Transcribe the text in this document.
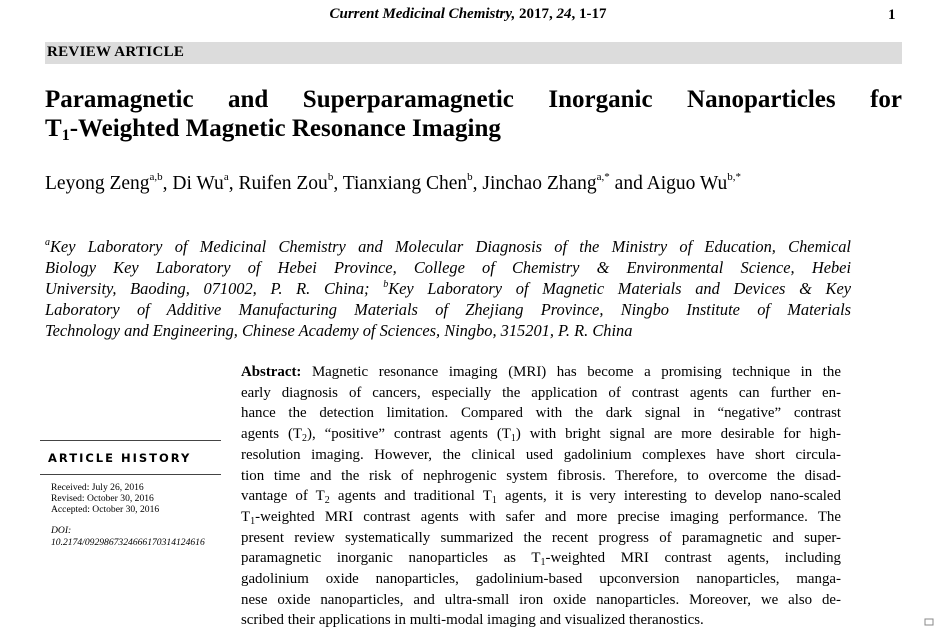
Current Medicinal Chemistry, 2017, 24, 1-17	1
REVIEW ARTICLE
Paramagnetic and Superparamagnetic Inorganic Nanoparticles for
$T_1$-Weighted Magnetic Resonance Imaging
Leyong Zeng$^{a,b}$, Di Wu$^a$, Ruifen Zou$^b$, Tianxiang Chen$^b$, Jinchao Zhang$^{a,*}$ and Aiguo $Wu^{b,*}$
$^a$Key Laboratory of Medicinal Chemistry and Molecular Diagnosis of the Ministry of Education, Chemical
Biology Key Laboratory of Hebei Province, College of Chemistry & Environmental Science, Hebei
University, Baoding, 071002, P. R. China; $^b$Key Laboratory of Magnetic Materials and Devices & Key
Laboratory of Additive Manufacturing Materials of Zhejiang Province, Ningbo Institute of Materials
Technology and Engineering, Chinese Academy of Sciences, Ningbo, 315201, P. R. China
ARTICLE HISTORY
Received: July 26, 2016
Revised: October 30, 2016
Accepted: October 30, 2016
DOI:
10.2174/0929867324666170314124616
Abstract: Magnetic resonance imaging (MRI) has become a promising technique in the
early diagnosis of cancers, especially the application of contrast agents can further en-
hance the detection limitation. Compared with the dark signal in “negative” contrast
agents $(T_2)$, “positive” contrast agents $(T_1)$ with bright signal are more desirable for high-
resolution imaging. However, the clinical used gadolinium complexes have short circula-
tion time and the risk of nephrogenic system fibrosis. Therefore, to overcome the disad-
vantage of $T_2$ agents and traditional $T_1$ agents, it is very interesting to develop nano-scaled
$T_1$-weighted MRI contrast agents with safer and more precise imaging performance. The
present review systematically summarized the recent progress of paramagnetic and super-
paramagnetic inorganic nanoparticles as $T_1$-weighted MRI contrast agents, including
gadolinium oxide nanoparticles, gadolinium-based upconversion nanoparticles, manga-
nese oxide nanoparticles, and ultra-small iron oxide nanoparticles. Moreover, we also de-
scribed their applications in multi-modal imaging and visualized theranostics.
